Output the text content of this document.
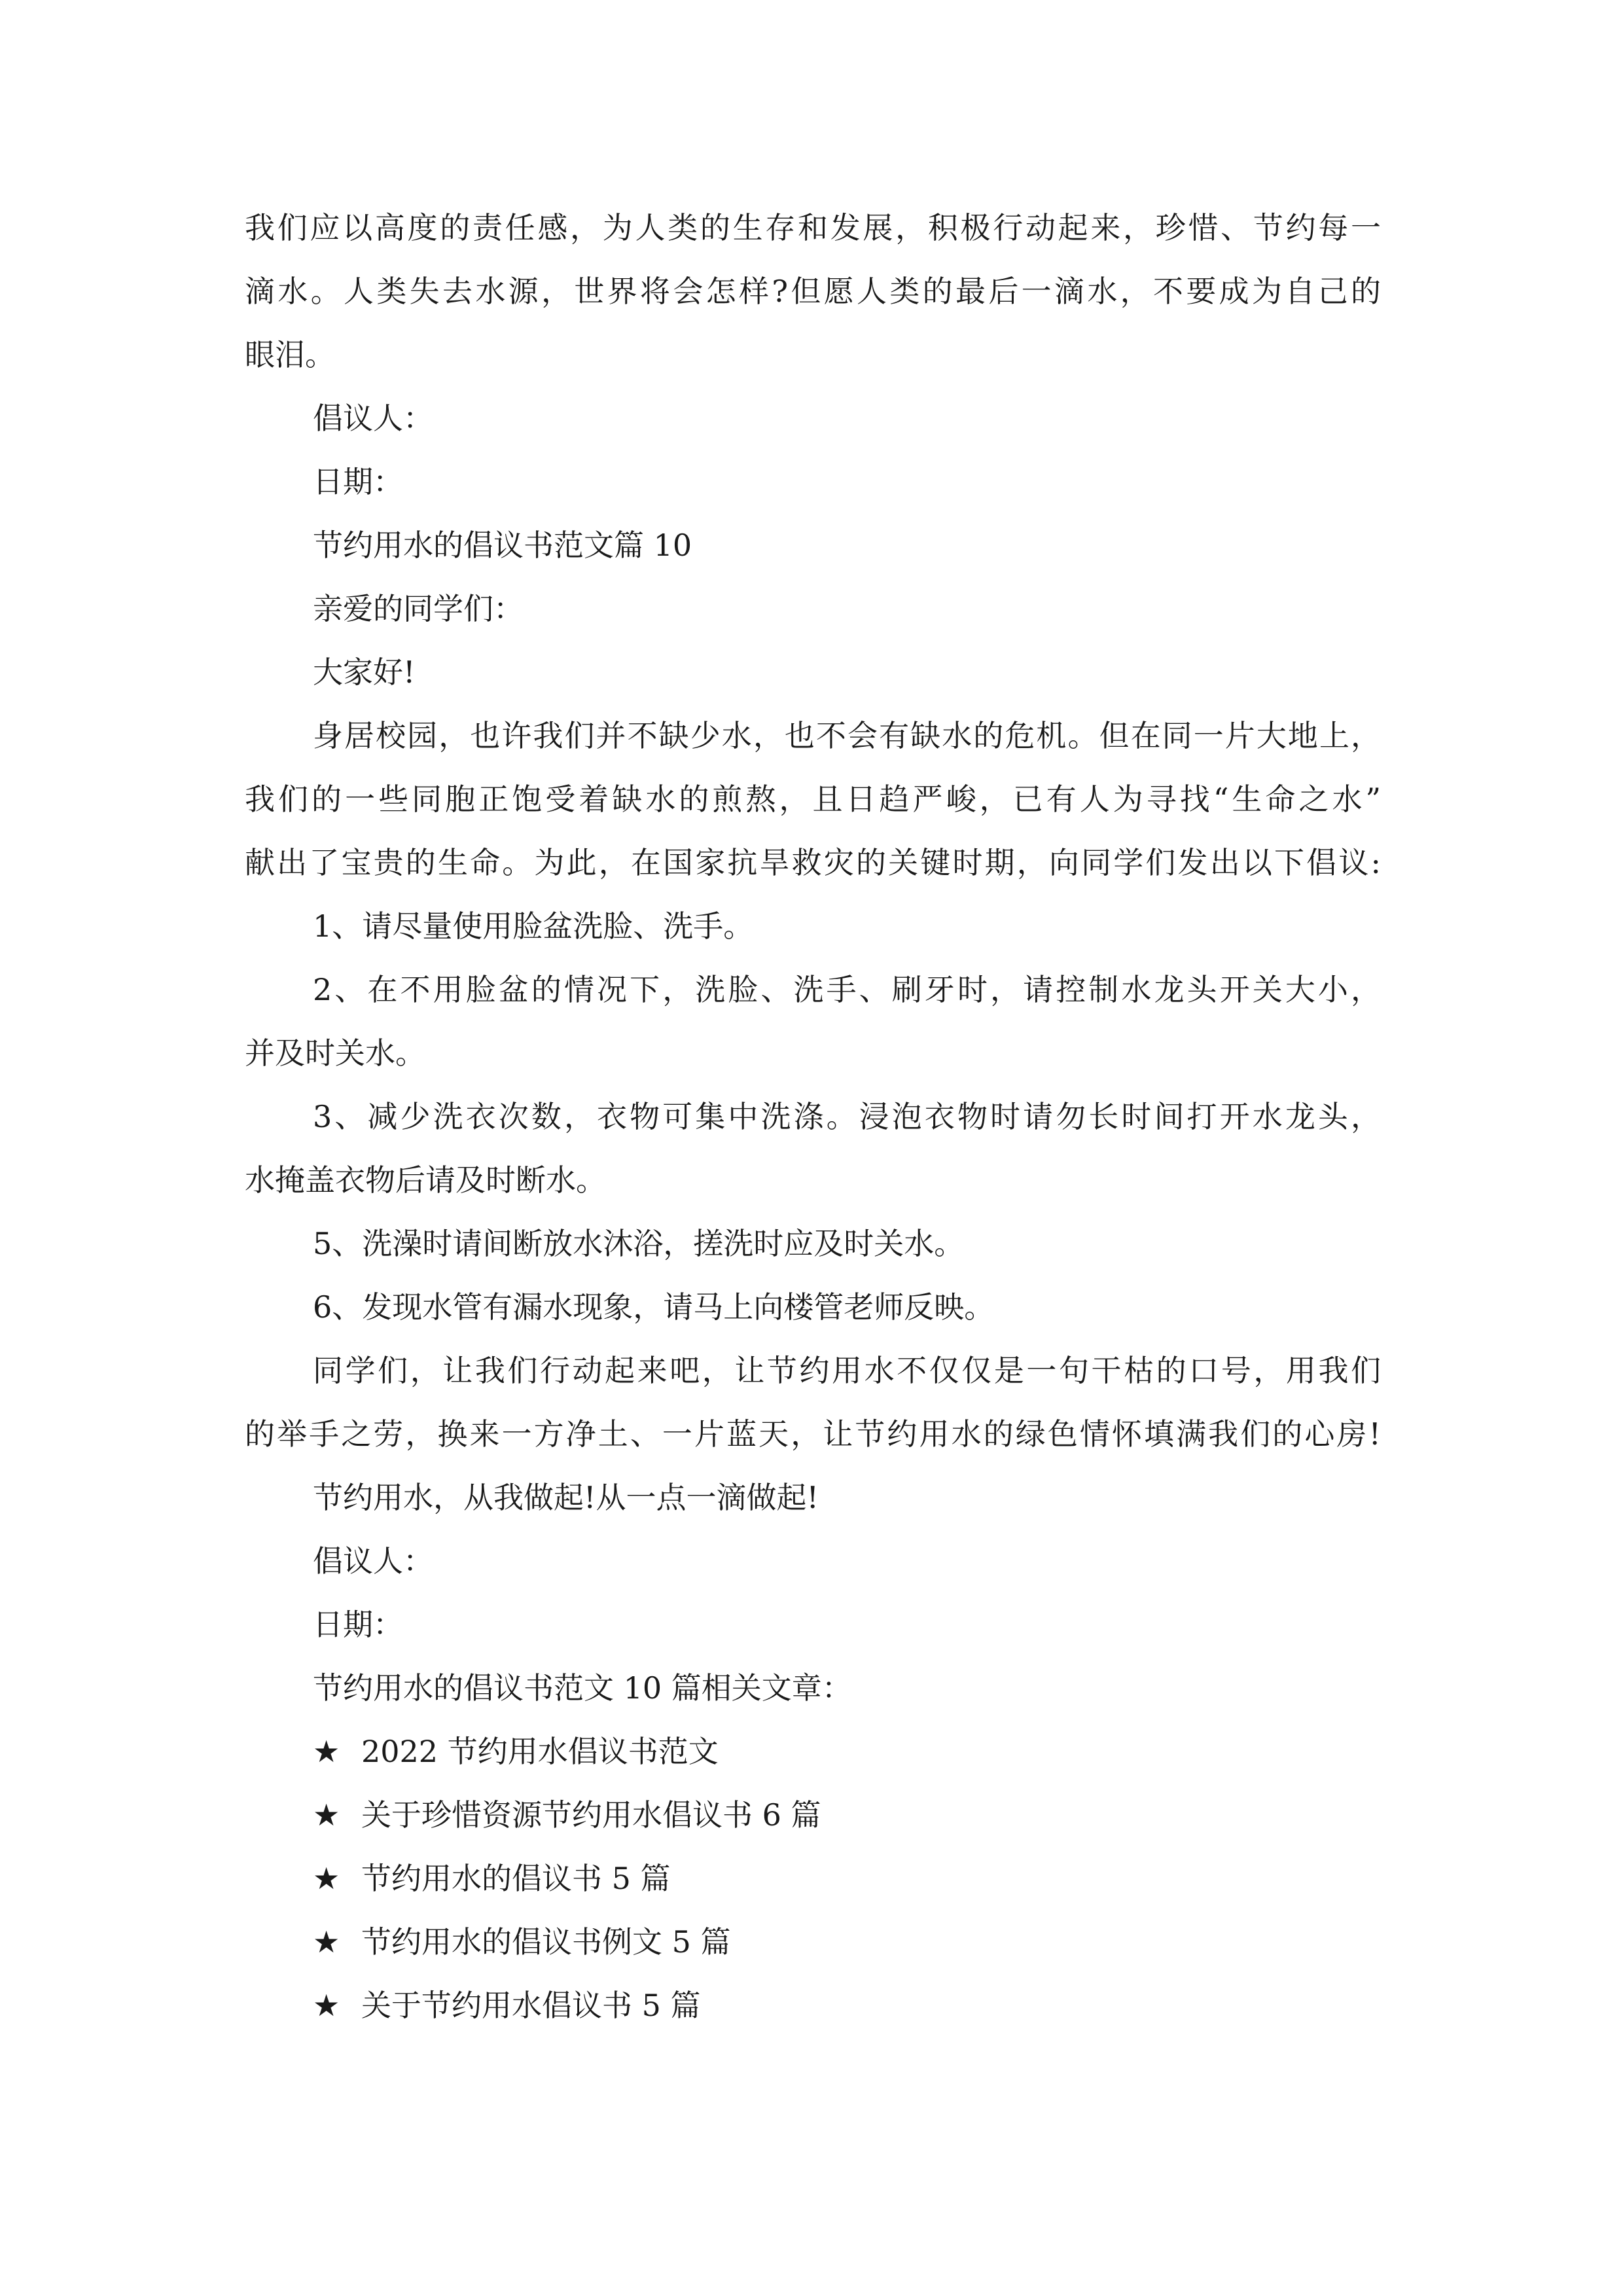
我们应以高度的责任感，为人类的生存和发展，积极行动起来，珍惜、节约每一
滴水。人类失去水源，世界将会怎样?但愿人类的最后一滴水，不要成为自己的
眼泪。
倡议人：
日期：
节约用水的倡议书范文篇 10
亲爱的同学们：
大家好!
身居校园，也许我们并不缺少水，也不会有缺水的危机。但在同一片大地上，
我们的一些同胞正饱受着缺水的煎熬，且日趋严峻，已有人为寻找“生命之水”
献出了宝贵的生命。为此，在国家抗旱救灾的关键时期，向同学们发出以下倡议:
1、请尽量使用脸盆洗脸、洗手。
2、在不用脸盆的情况下，洗脸、洗手、刷牙时，请控制水龙头开关大小，
并及时关水。
3、减少洗衣次数，衣物可集中洗涤。浸泡衣物时请勿长时间打开水龙头，
水掩盖衣物后请及时断水。
5、洗澡时请间断放水沐浴，搓洗时应及时关水。
6、发现水管有漏水现象，请马上向楼管老师反映。
同学们，让我们行动起来吧，让节约用水不仅仅是一句干枯的口号，用我们
的举手之劳，换来一方净土、一片蓝天，让节约用水的绿色情怀填满我们的心房!
节约用水，从我做起!从一点一滴做起!
倡议人：
日期：
节约用水的倡议书范文 10 篇相关文章：
★ 2022 节约用水倡议书范文
★ 关于珍惜资源节约用水倡议书 6 篇
★ 节约用水的倡议书 5 篇
★ 节约用水的倡议书例文 5 篇
★ 关于节约用水倡议书 5 篇
